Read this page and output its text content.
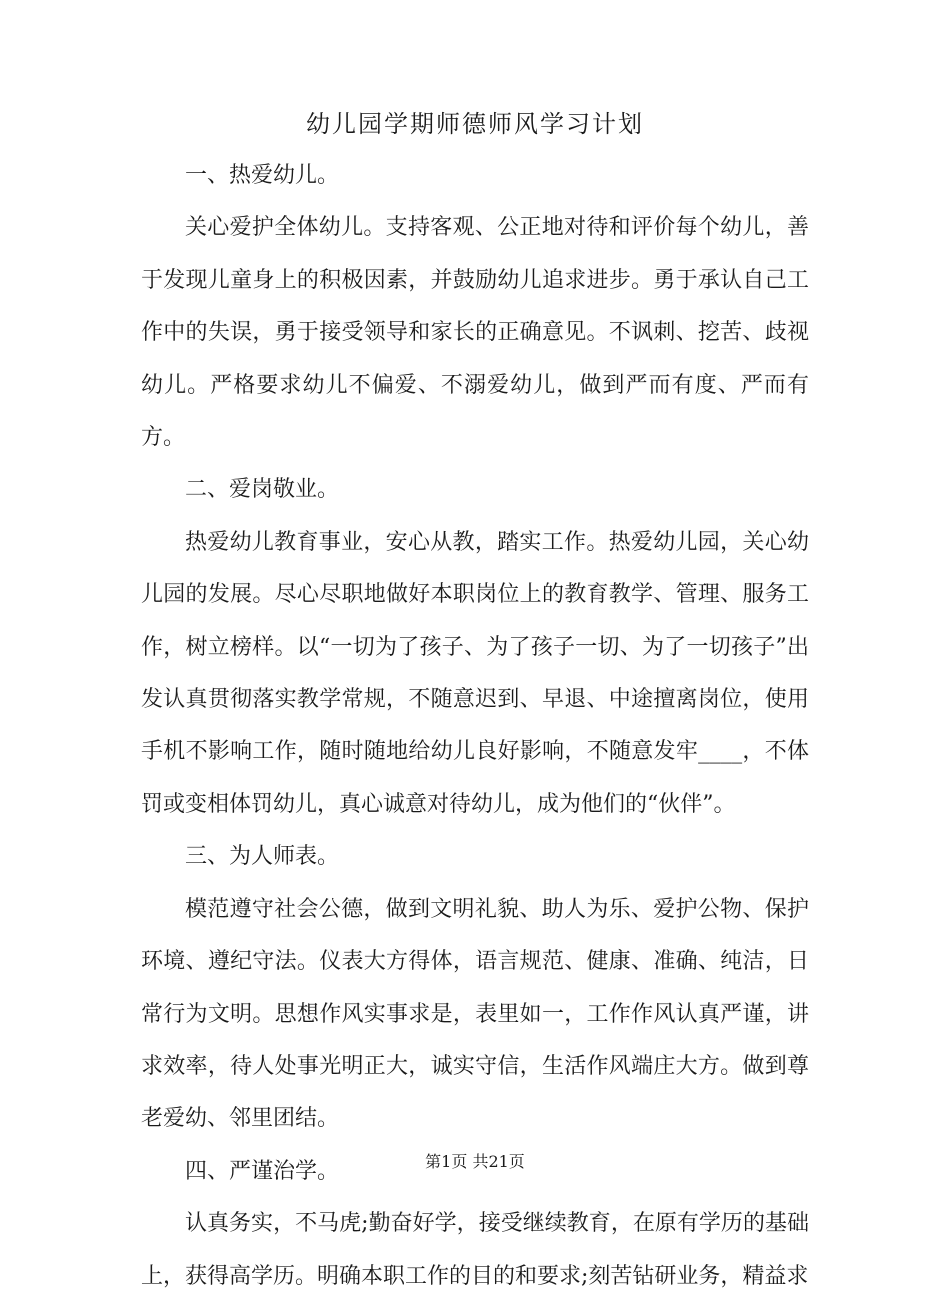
幼儿园学期师德师风学习计划

一、热爱幼儿。

关心爱护全体幼儿。支持客观、公正地对待和评价每个幼儿，善于发现儿童身上的积极因素，并鼓励幼儿追求进步。勇于承认自己工作中的失误，勇于接受领导和家长的正确意见。不讽刺、挖苦、歧视幼儿。严格要求幼儿不偏爱、不溺爱幼儿，做到严而有度、严而有方。

二、爱岗敬业。

热爱幼儿教育事业，安心从教，踏实工作。热爱幼儿园，关心幼儿园的发展。尽心尽职地做好本职岗位上的教育教学、管理、服务工作，树立榜样。以“一切为了孩子、为了孩子一切、为了一切孩子”出发认真贯彻落实教学常规，不随意迟到、早退、中途擅离岗位，使用手机不影响工作，随时随地给幼儿良好影响，不随意发牢____，不体罚或变相体罚幼儿，真心诚意对待幼儿，成为他们的“伙伴”。

三、为人师表。

模范遵守社会公德，做到文明礼貌、助人为乐、爱护公物、保护环境、遵纪守法。仪表大方得体，语言规范、健康、准确、纯洁，日常行为文明。思想作风实事求是，表里如一，工作作风认真严谨，讲求效率，待人处事光明正大，诚实守信，生活作风端庄大方。做到尊老爱幼、邻里团结。

四、严谨治学。

认真务实，不马虎;勤奋好学，接受继续教育，在原有学历的基础上，获得高学历。明确本职工作的目的和要求;刻苦钻研业务，精益求

第1页 共21页
